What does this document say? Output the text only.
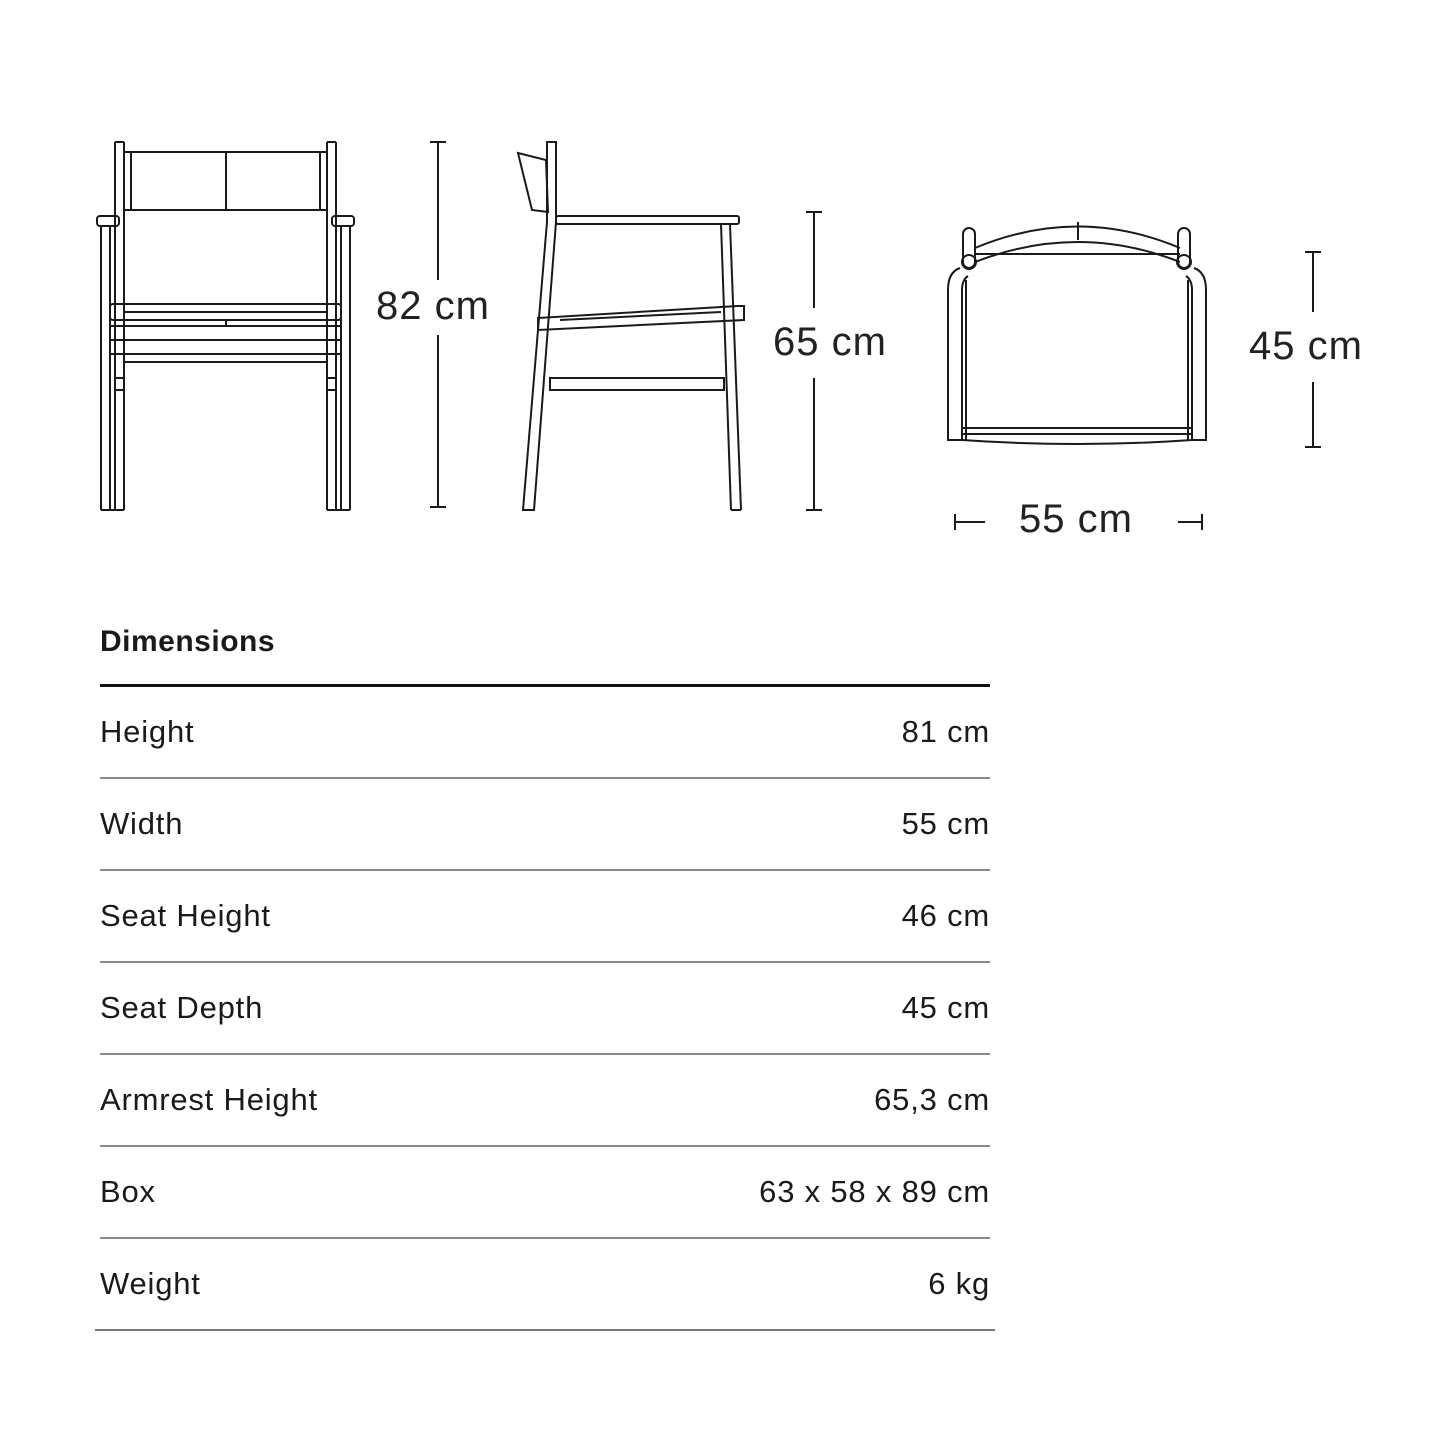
82 cm
65 cm	45 cm
55 cm
Dimensions
Height	81 cm
Width	55 cm
Seat Height	46 cm
Seat Depth	45 cm
Armrest Height	65,3 cm
Box	63 x 58 x 89 cm
Weight	6 kg
